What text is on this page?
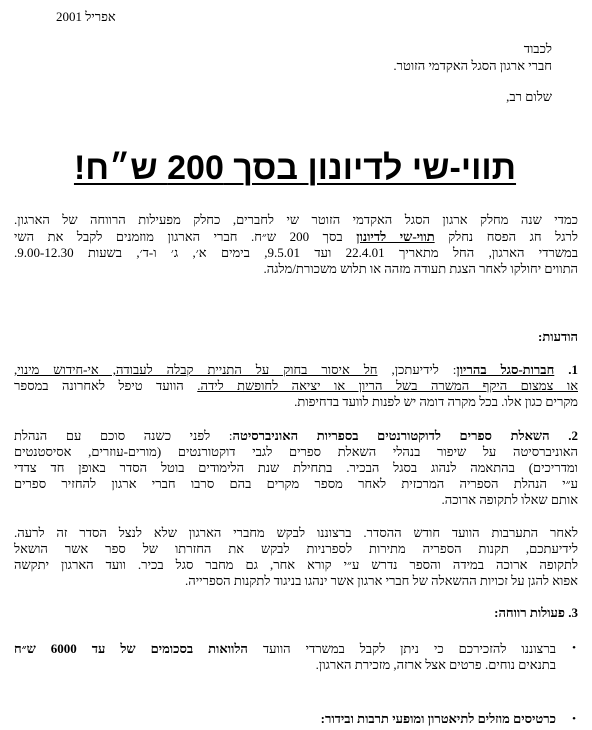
אפריל 2001
לכבוד
חברי ארגון הסגל האקדמי הזוטר.
שלום רב,
תווי-שי לדיונון בסך 200 ש״ח!
כמדי שנה מחלק ארגון הסגל האקדמי הזוטר שי לחברים, כחלק מפעילות הרווחה של הארגון.
לרגל חג הפסח נחלק תווי-שי לדיונון בסך 200 ש״ח. חברי הארגון מוזמנים לקבל את השי
במשרדי הארגון, החל מתאריך 22.4.01 ועד 9.5.01, בימים א׳, ג׳ ו-ד׳, בשעות 9.00-12.30.
התווים יחולקו לאחר הצגת תעודה מזהה או תלוש משכורת/מלגה.
הודעות:
1. חברות-סגל בהריון: לידיעתכן, חל איסור בחוק על התניית קבלה לעבודה, אי-חידוש מינוי,
או צמצום היקף המשרה בשל הריון או יציאה לחופשת לידה. הוועד טיפל לאחרונה במספר
מקרים כגון אלו. בכל מקרה דומה יש לפנות לוועד בדחיפות.
2. השאלת ספרים לדוקטורנטים בספריות האוניברסיטה: לפני כשנה סוכם עם הנהלת
האוניברסיטה על שיפור בנהלי השאלת ספרים לגבי דוקטורנטים (מורים-עוזרים, אסיסטנטים
ומדריכים) בהתאמה לנהוג בסגל הבכיר. בתחילת שנת הלימודים בוטל הסדר באופן חד צדדי
ע״י הנהלת הספריה המרכזית לאחר מספר מקרים בהם סרבו חברי ארגון להחזיר ספרים
אותם שאלו לתקופה ארוכה.
לאחר התערבות הוועד חודש ההסדר. ברצוננו לבקש מחברי הארגון שלא לנצל הסדר זה לרעה.
לידיעתכם, תקנות הספריה מתירות לספרניות לבקש את החזרתו של ספר אשר הושאל
לתקופה ארוכה במידה והספר נדרש ע״י קורא אחר, גם מחבר סגל בכיר. וועד הארגון יתקשה
אפוא להגן על זכויות ההשאלה של חברי ארגון אשר ינהגו בניגוד לתקנות הספרייה.
3. פעולות רווחה:
•
ברצוננו להזכירכם כי ניתן לקבל במשרדי הוועד הלוואות בסכומים של עד 6000 ש״ח
בתנאים נוחים. פרטים אצל ארזה, מזכירת הארגון.
•
כרטיסים מוזלים לתיאטרון ומופעי תרבות ובידור:
